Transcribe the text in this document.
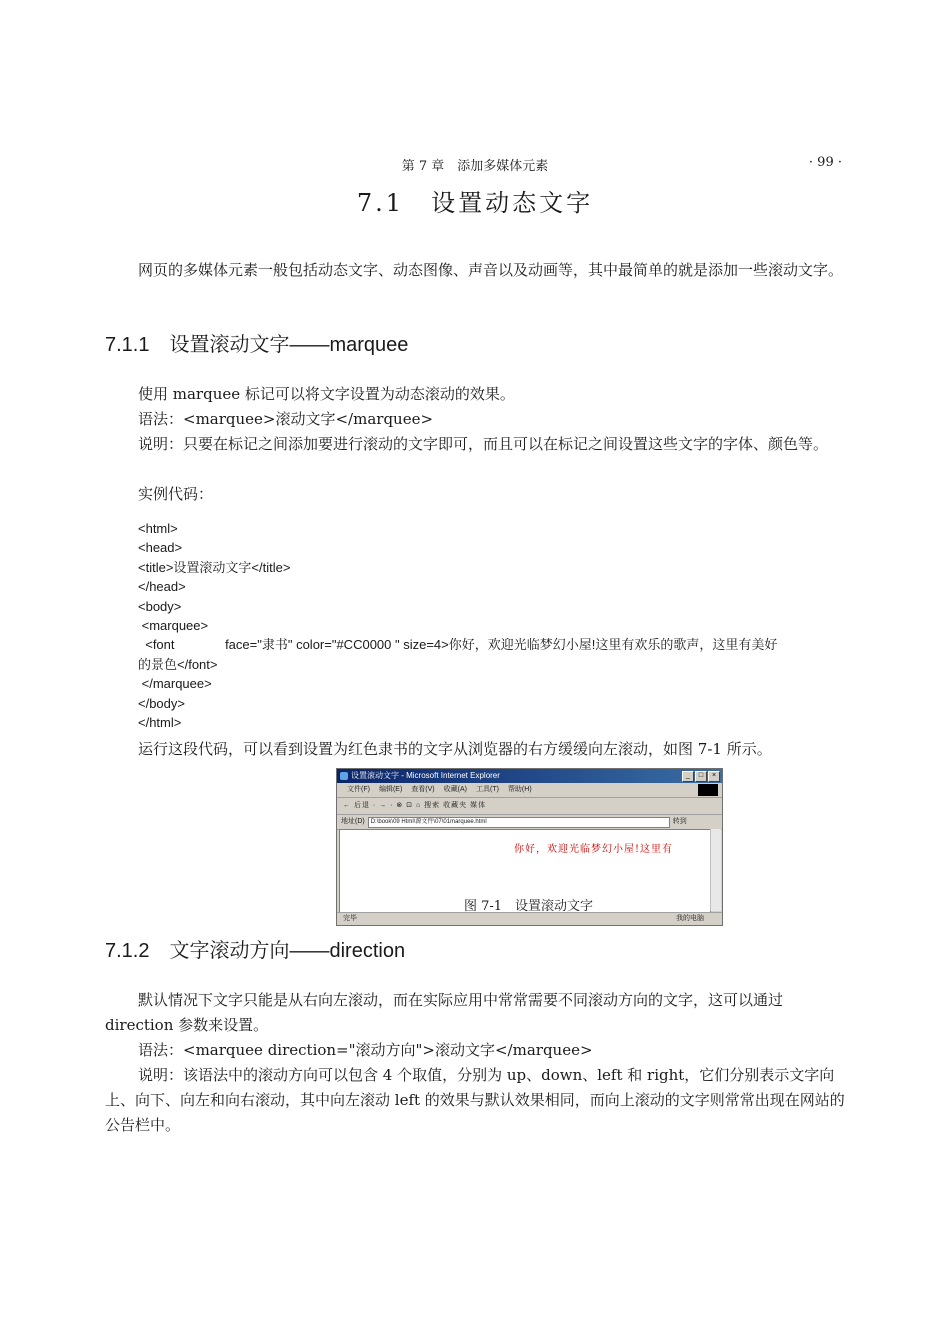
第 7 章　添加多媒体元素	· 99 ·
7.1　设置动态文字

网页的多媒体元素一般包括动态文字、动态图像、声音以及动画等，其中最简单的就是添加一些滚动文字。

7.1.1　设置滚动文字——marquee
使用 marquee 标记可以将文字设置为动态滚动的效果。
语法：<marquee>滚动文字</marquee>

说明：只要在标记之间添加要进行滚动的文字即可，而且可以在标记之间设置这些文字的字体、颜色等。

实例代码：
<html>
<head>
<title>设置滚动文字</title>
</head>
<body>
<marquee>
<font              face="隶书" color="#CC0000 " size=4>你好，欢迎光临梦幻小屋!这里有欢乐的歌声，这里有美好
的景色</font>
</marquee>
</body>
</html>
运行这段代码，可以看到设置为红色隶书的文字从浏览器的右方缓缓向左滚动，如图 7-1 所示。
设置滚动文字 - Microsoft Internet Explorer	_	□	×
文件(F) 编辑(E) 查看(V) 收藏(A) 工具(T) 帮助(H)
← 后退 · → · ⊗ ⊡ ⌂ 搜索 收藏夹 媒体
地址(D)	D:\book\09 Html\源文件\07\01marquee.html	转到
你好，欢迎光临梦幻小屋!这里有
完毕	我的电脑
图 7-1　设置滚动文字
7.1.2　文字滚动方向——direction

默认情况下文字只能是从右向左滚动，而在实际应用中常常需要不同滚动方向的文字，这可以通过 direction 参数来设置。

语法：<marquee direction="滚动方向">滚动文字</marquee>

说明：该语法中的滚动方向可以包含 4 个取值，分别为 up、down、left 和 right，它们分别表示文字向上、向下、向左和向右滚动，其中向左滚动 left 的效果与默认效果相同，而向上滚动的文字则常常出现在网站的公告栏中。
